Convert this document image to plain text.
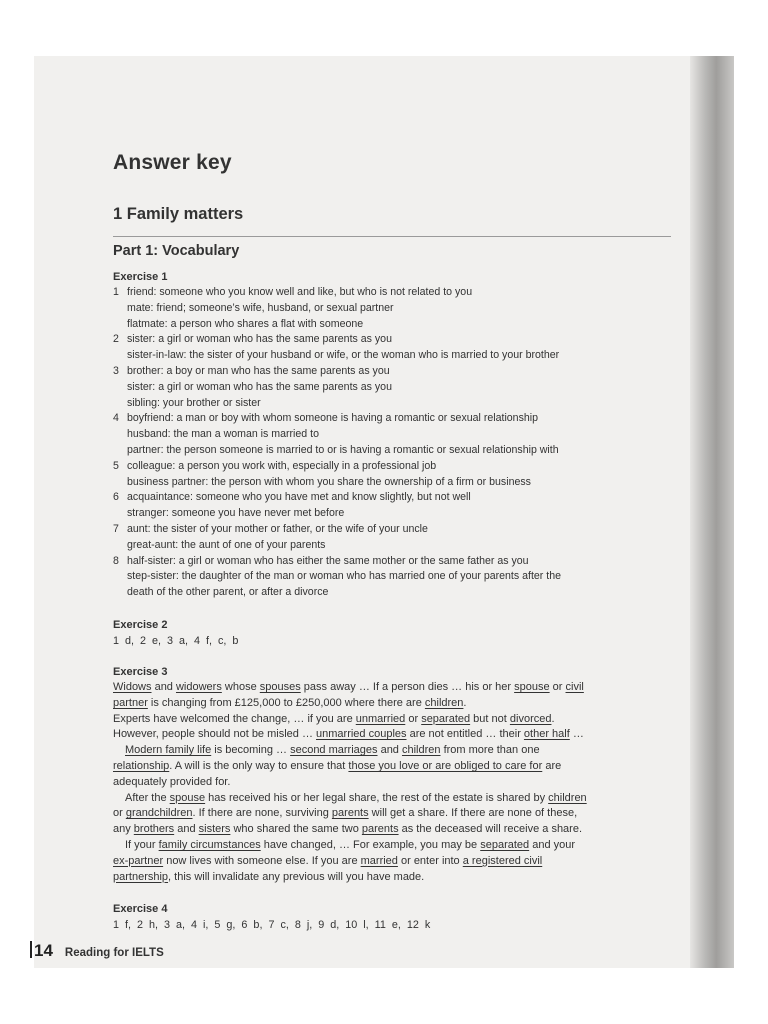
Answer key
1 Family matters
Part 1: Vocabulary
Exercise 1
1 friend: someone who you know well and like, but who is not related to you
mate: friend; someone’s wife, husband, or sexual partner
flatmate: a person who shares a flat with someone
2 sister: a girl or woman who has the same parents as you
sister-in-law: the sister of your husband or wife, or the woman who is married to your brother
3 brother: a boy or man who has the same parents as you
sister: a girl or woman who has the same parents as you
sibling: your brother or sister
4 boyfriend: a man or boy with whom someone is having a romantic or sexual relationship
husband: the man a woman is married to
partner: the person someone is married to or is having a romantic or sexual relationship with
5 colleague: a person you work with, especially in a professional job
business partner: the person with whom you share the ownership of a firm or business
6 acquaintance: someone who you have met and know slightly, but not well
stranger: someone you have never met before
7 aunt: the sister of your mother or father, or the wife of your uncle
great-aunt: the aunt of one of your parents
8 half-sister: a girl or woman who has either the same mother or the same father as you
step-sister: the daughter of the man or woman who has married one of your parents after the
death of the other parent, or after a divorce
Exercise 2
1 d, 2 e, 3 a, 4 f, c, b
Exercise 3
Widows and widowers whose spouses pass away … If a person dies … his or her spouse or civil
partner is changing from £125,000 to £250,000 where there are children.
Experts have welcomed the change, … if you are unmarried or separated but not divorced.
However, people should not be misled … unmarried couples are not entitled … their other half …
Modern family life is becoming … second marriages and children from more than one
relationship. A will is the only way to ensure that those you love or are obliged to care for are
adequately provided for.
After the spouse has received his or her legal share, the rest of the estate is shared by children
or grandchildren. If there are none, surviving parents will get a share. If there are none of these,
any brothers and sisters who shared the same two parents as the deceased will receive a share.
If your family circumstances have changed, … For example, you may be separated and your
ex-partner now lives with someone else. If you are married or enter into a registered civil
partnership, this will invalidate any previous will you have made.
Exercise 4
1 f, 2 h, 3 a, 4 i, 5 g, 6 b, 7 c, 8 j, 9 d, 10 l, 11 e, 12 k
14 Reading for IELTS
